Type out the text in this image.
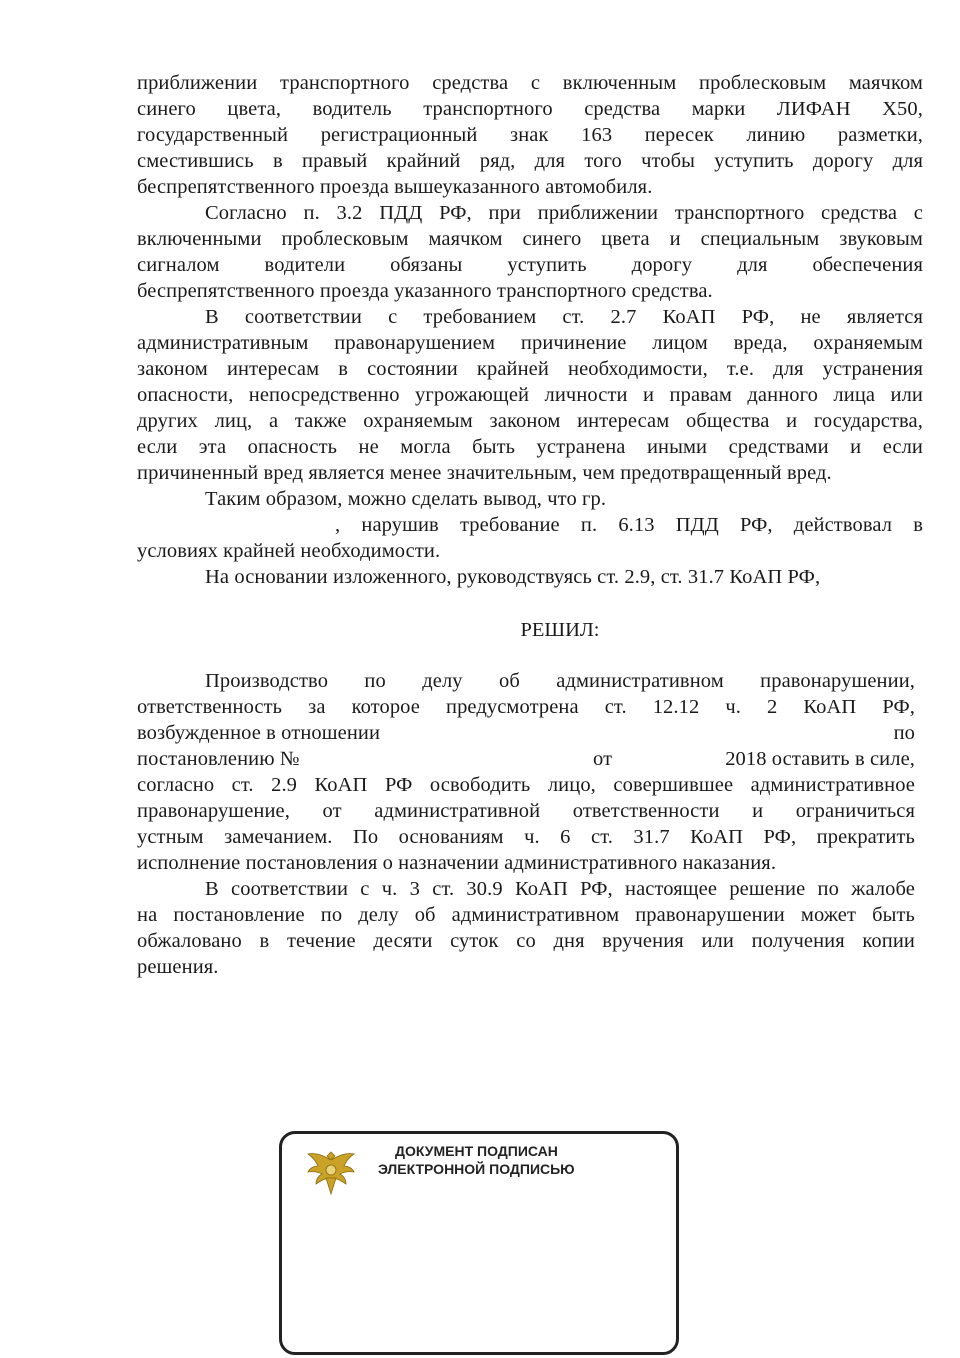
приближении транспортного средства с включенным проблесковым маячком
синего цвета, водитель транспортного средства марки ЛИФАН X50,
государственный регистрационный знак 163 пересек линию разметки,
сместившись в правый крайний ряд, для того чтобы уступить дорогу для
беспрепятственного проезда вышеуказанного автомобиля.
Согласно п. 3.2 ПДД РФ, при приближении транспортного средства с
включенными проблесковым маячком синего цвета и специальным звуковым
сигналом водители обязаны уступить дорогу для обеспечения
беспрепятственного проезда указанного транспортного средства.
В соответствии с требованием ст. 2.7 КоАП РФ, не является
административным правонарушением причинение лицом вреда, охраняемым
законом интересам в состоянии крайней необходимости, т.е. для устранения
опасности, непосредственно угрожающей личности и правам данного лица или
других лиц, а также охраняемым законом интересам общества и государства,
если эта опасность не могла быть устранена иными средствами и если
причиненный вред является менее значительным, чем предотвращенный вред.
Таким образом, можно сделать вывод, что гр.
, нарушив требование п. 6.13 ПДД РФ, действовал в
условиях крайней необходимости.
На основании изложенного, руководствуясь ст. 2.9, ст. 31.7 КоАП РФ,
РЕШИЛ:
Производство по делу об административном правонарушении,
ответственность за которое предусмотрена ст. 12.12 ч. 2 КоАП РФ,
возбужденное в отношении	по
постановлению №	от	2018 оставить в силе,
согласно ст. 2.9 КоАП РФ освободить лицо, совершившее административное
правонарушение, от административной ответственности и ограничиться
устным замечанием. По основаниям ч. 6 ст. 31.7 КоАП РФ, прекратить
исполнение постановления о назначении административного наказания.
В соответствии с ч. 3 ст. 30.9 КоАП РФ, настоящее решение по жалобе
на постановление по делу об административном правонарушении может быть
обжаловано в течение десяти суток со дня вручения или получения копии
решения.
ДОКУМЕНТ ПОДПИСАН
ЭЛЕКТРОННОЙ ПОДПИСЬЮ
